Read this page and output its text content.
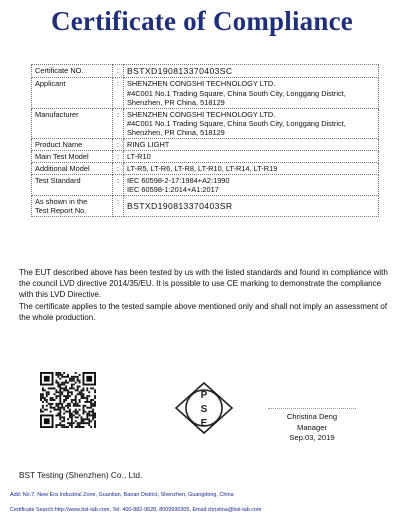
Certificate of Compliance
Certificate NO.	:	BSTXD190813370403SC
Applicant	:	SHENZHEN CONGSHI TECHNOLOGY LTD.
#4C001 No.1 Trading Square, China South City, Longgang District,
Shenzhen, PR China, 518129

Manufacturer	:	SHENZHEN CONGSHI TECHNOLOGY LTD.
#4C001 No.1 Trading Square, China South City, Longgang District,
Shenzhen, PR China, 518129

Product Name	:	RING LIGHT
Main Test Model	:	LT-R10
Additional Model	:	LT-R5, LT-R6, LT-R8, LT-R10, LT-R14, LT-R19
Test Standard	:	IEC 60598-2-17:1984+A2:1990
IEC 60598-1:2014+A1:2017

As shown in the
Test Report No.	:	BSTXD190813370403SR

The EUT described above has been tested by us with the listed standards and found in compliance with the council LVD directive 2014/35/EU. It is possible to use CE marking to demonstrate the compliance with this LVD Directive.

The certificate applies to the tested sample above mentioned only and shall not imply an assessment of the whole production.

P
S
E
Christina Deng
Manager
Sep.03, 2019
BST Testing (Shenzhen) Co., Ltd.
Add: No.7, New Era Industrial Zone, Guantian, Baoan District, Shenzhen, Guangdong, China
Certificate Search:http://www.bst-lab.com, Tel: 400-882-9628, 8009990305, Email:christina@bst-lab.com
